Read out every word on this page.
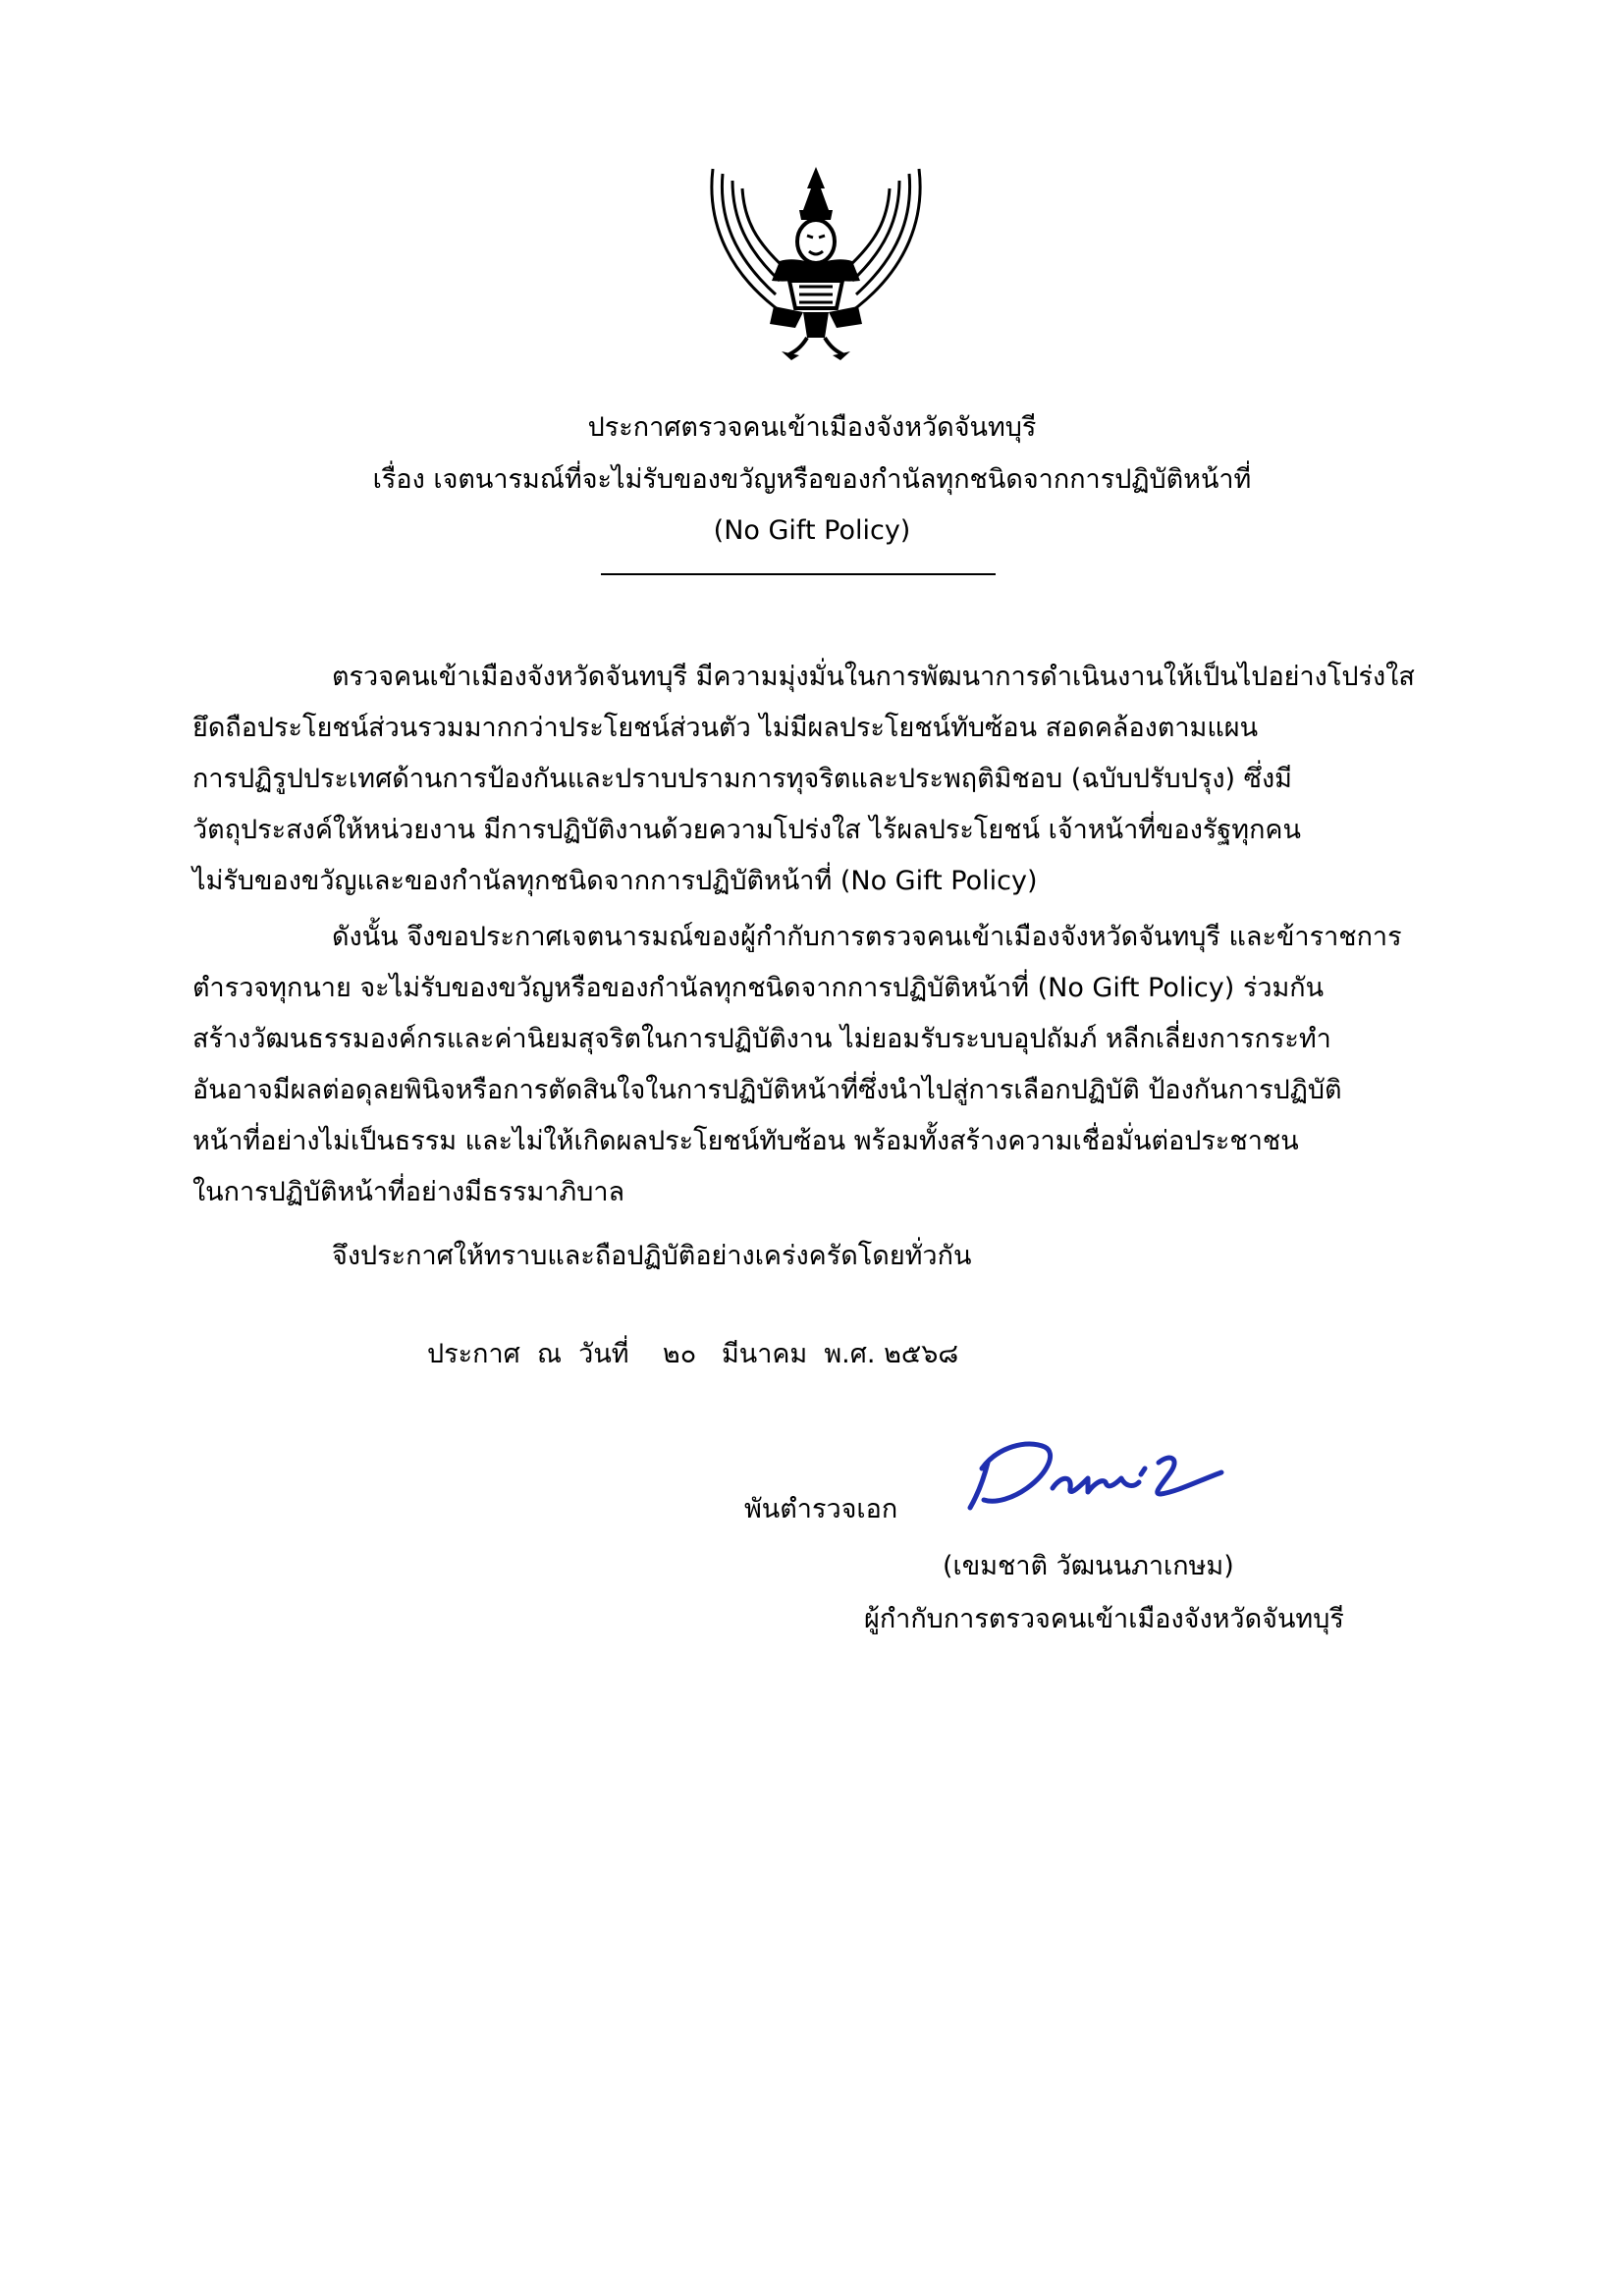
ประกาศตรวจคนเข้าเมืองจังหวัดจันทบุรี

เรื่อง เจตนารมณ์ที่จะไม่รับของขวัญหรือของกำนัลทุกชนิดจากการปฏิบัติหน้าที่

(No Gift Policy)

ตรวจคนเข้าเมืองจังหวัดจันทบุรี มีความมุ่งมั่นในการพัฒนาการดำเนินงานให้เป็นไปอย่างโปร่งใส
ยึดถือประโยชน์ส่วนรวมมากกว่าประโยชน์ส่วนตัว ไม่มีผลประโยชน์ทับซ้อน สอดคล้องตามแผน
การปฏิรูปประเทศด้านการป้องกันและปราบปรามการทุจริตและประพฤติมิชอบ (ฉบับปรับปรุง) ซึ่งมี
วัตถุประสงค์ให้หน่วยงาน มีการปฏิบัติงานด้วยความโปร่งใส ไร้ผลประโยชน์ เจ้าหน้าที่ของรัฐทุกคน
ไม่รับของขวัญและของกำนัลทุกชนิดจากการปฏิบัติหน้าที่ (No Gift Policy)
ดังนั้น จึงขอประกาศเจตนารมณ์ของผู้กำกับการตรวจคนเข้าเมืองจังหวัดจันทบุรี และข้าราชการ
ตำรวจทุกนาย จะไม่รับของขวัญหรือของกำนัลทุกชนิดจากการปฏิบัติหน้าที่ (No Gift Policy) ร่วมกัน
สร้างวัฒนธรรมองค์กรและค่านิยมสุจริตในการปฏิบัติงาน ไม่ยอมรับระบบอุปถัมภ์ หลีกเลี่ยงการกระทำ
อันอาจมีผลต่อดุลยพินิจหรือการตัดสินใจในการปฏิบัติหน้าที่ซึ่งนำไปสู่การเลือกปฏิบัติ ป้องกันการปฏิบัติ
หน้าที่อย่างไม่เป็นธรรม และไม่ให้เกิดผลประโยชน์ทับซ้อน พร้อมทั้งสร้างความเชื่อมั่นต่อประชาชน
ในการปฏิบัติหน้าที่อย่างมีธรรมาภิบาล

จึงประกาศให้ทราบและถือปฏิบัติอย่างเคร่งครัดโดยทั่วกัน

ประกาศ  ณ  วันที่    ๒๐   มีนาคม  พ.ศ. ๒๕๖๘

พันตำรวจเอก

(เขมชาติ วัฒนนภาเกษม)

ผู้กำกับการตรวจคนเข้าเมืองจังหวัดจันทบุรี
